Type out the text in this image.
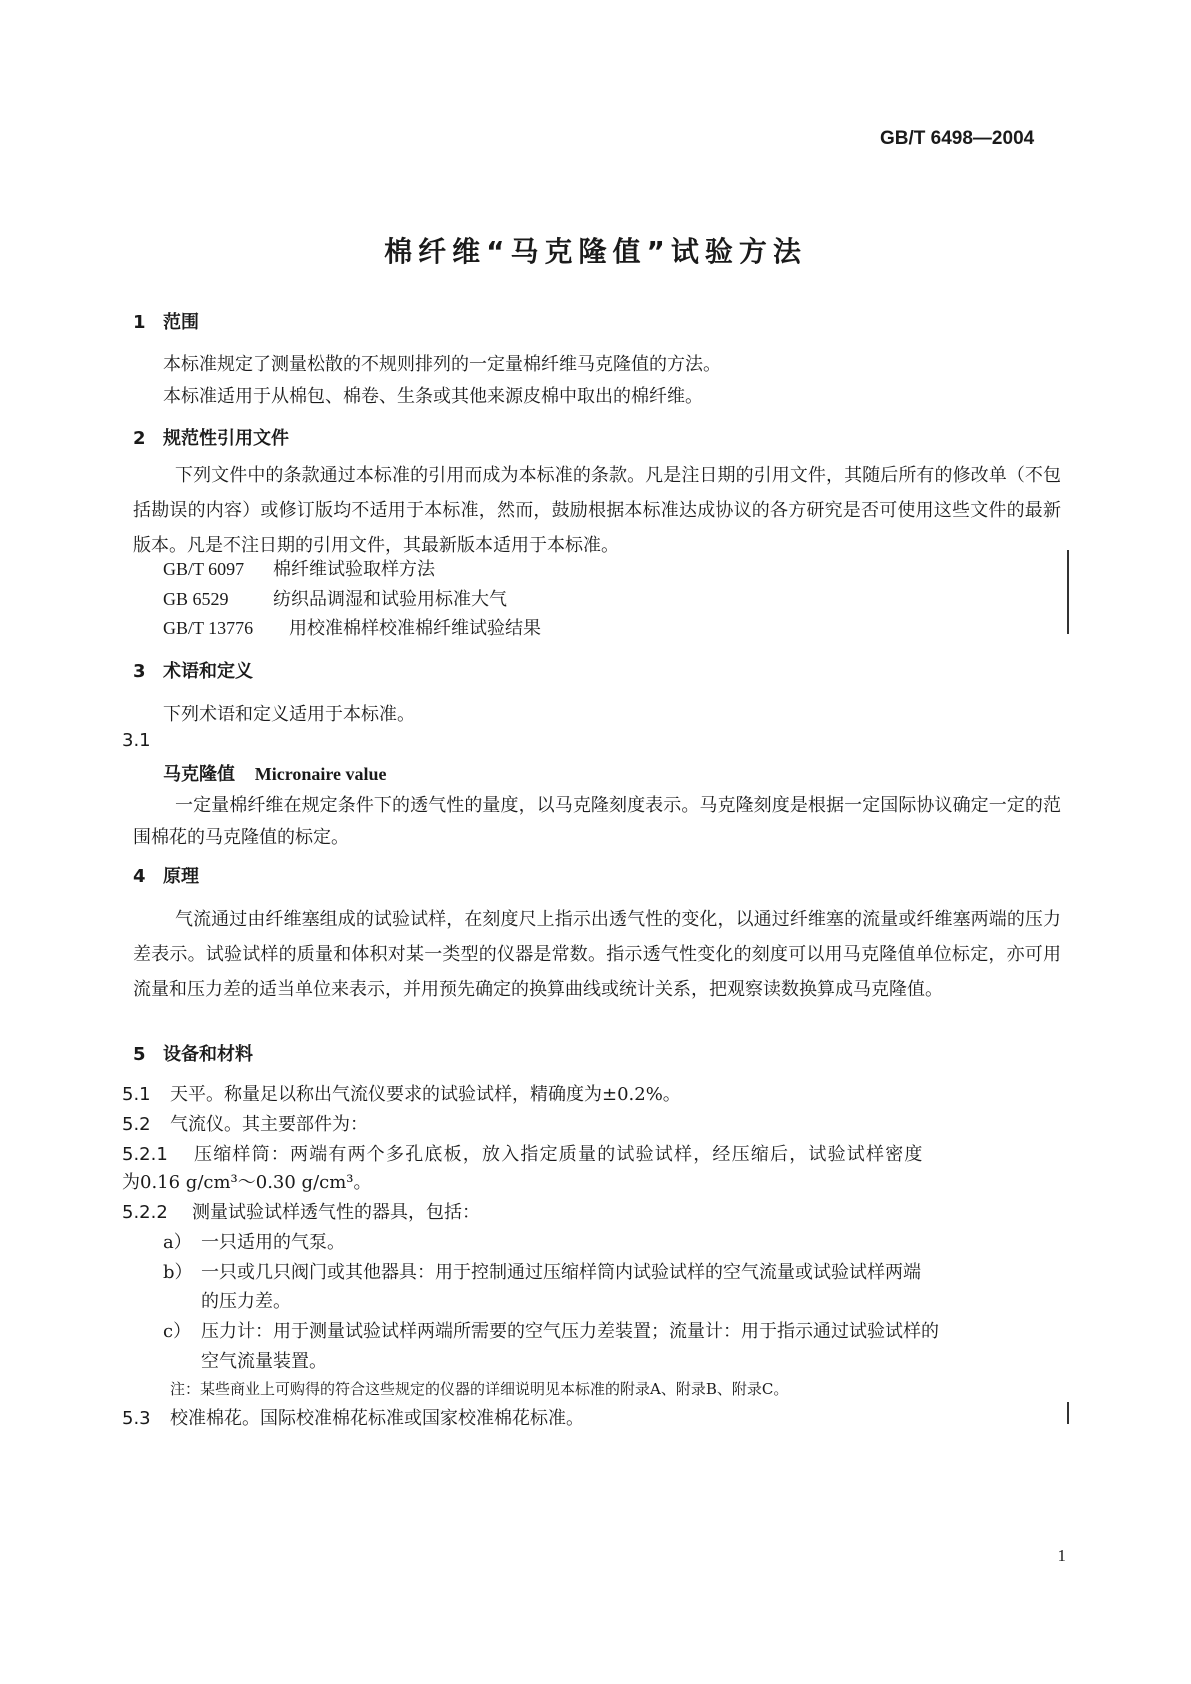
GB/T 6498—2004
棉纤维“马克隆值”试验方法
1 范围
本标准规定了测量松散的不规则排列的一定量棉纤维马克隆值的方法。
本标准适用于从棉包、棉卷、生条或其他来源皮棉中取出的棉纤维。
2 规范性引用文件
下列文件中的条款通过本标准的引用而成为本标准的条款。凡是注日期的引用文件，其随后所有的修改单（不包括勘误的内容）或修订版均不适用于本标准，然而，鼓励根据本标准达成协议的各方研究是否可使用这些文件的最新版本。凡是不注日期的引用文件，其最新版本适用于本标准。
GB/T 6097 棉纤维试验取样方法
GB 6529 纺织品调湿和试验用标准大气
GB/T 13776 用校准棉样校准棉纤维试验结果
3 术语和定义
下列术语和定义适用于本标准。
3.1
马克隆值 Micronaire value
一定量棉纤维在规定条件下的透气性的量度，以马克隆刻度表示。马克隆刻度是根据一定国际协议确定一定的范围棉花的马克隆值的标定。
4 原理
气流通过由纤维塞组成的试验试样，在刻度尺上指示出透气性的变化，以通过纤维塞的流量或纤维塞两端的压力差表示。试验试样的质量和体积对某一类型的仪器是常数。指示透气性变化的刻度可以用马克隆值单位标定，亦可用流量和压力差的适当单位来表示，并用预先确定的换算曲线或统计关系，把观察读数换算成马克隆值。
5 设备和材料
5.1 天平。称量足以称出气流仪要求的试验试样，精确度为±0.2%。
5.2 气流仪。其主要部件为：
5.2.1 压缩样筒：两端有两个多孔底板，放入指定质量的试验试样，经压缩后，试验试样密度
为0.16 g/cm³～0.30 g/cm³。
5.2.2 测量试验试样透气性的器具，包括：
a） 一只适用的气泵。
b） 一只或几只阀门或其他器具：用于控制通过压缩样筒内试验试样的空气流量或试验试样两端
的压力差。
c） 压力计：用于测量试验试样两端所需要的空气压力差装置；流量计：用于指示通过试验试样的
空气流量装置。
注：某些商业上可购得的符合这些规定的仪器的详细说明见本标准的附录A、附录B、附录C。
5.3 校准棉花。国际校准棉花标准或国家校准棉花标准。
1
